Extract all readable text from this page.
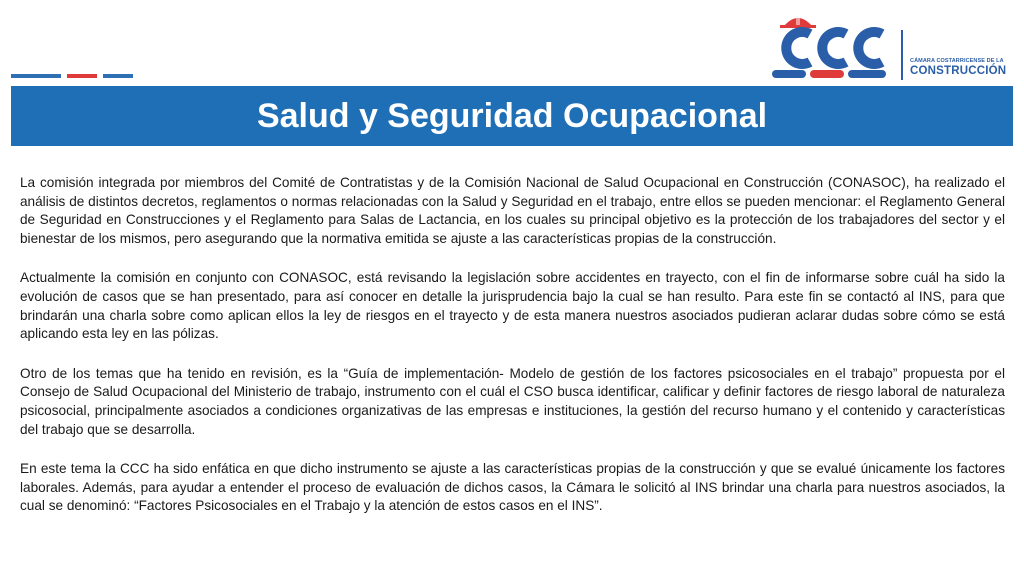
CÁMARA COSTARRICENSE DE LA
CONSTRUCCIÓN
Salud y Seguridad Ocupacional

La comisión integrada por miembros del Comité de Contratistas y de la Comisión Nacional de Salud Ocupacional en Construcción (CONASOC), ha realizado el análisis de distintos decretos, reglamentos o normas relacionadas con la Salud y Seguridad en el trabajo, entre ellos se pueden mencionar: el Reglamento General de Seguridad en Construcciones y el Reglamento para Salas de Lactancia, en los cuales su principal objetivo es la protección de los trabajadores del sector y el bienestar de los mismos, pero asegurando que la normativa emitida se ajuste a las características propias de la construcción.

Actualmente la comisión en conjunto con CONASOC, está revisando la legislación sobre accidentes en trayecto, con el fin de informarse sobre cuál ha sido la evolución de casos que se han presentado, para así conocer en detalle la jurisprudencia bajo la cual se han resulto. Para este fin se contactó al INS, para que brindarán una charla sobre como aplican ellos la ley de riesgos en el trayecto y de esta manera nuestros asociados pudieran aclarar dudas sobre cómo se está aplicando esta ley en las pólizas.

Otro de los temas que ha tenido en revisión, es la “Guía de implementación- Modelo de gestión de los factores psicosociales en el trabajo” propuesta por el Consejo de Salud Ocupacional del Ministerio de trabajo, instrumento con el cuál el CSO busca identificar, calificar y definir factores de riesgo laboral de naturaleza psicosocial, principalmente asociados a condiciones organizativas de las empresas e instituciones, la gestión del recurso humano y el contenido y características del trabajo que se desarrolla.

En este tema la CCC ha sido enfática en que dicho instrumento se ajuste a las características propias de la construcción y que se evalué únicamente los factores laborales. Además, para ayudar a entender el proceso de evaluación de dichos casos, la Cámara le solicitó al INS brindar una charla para nuestros asociados, la cual se denominó: “Factores Psicosociales en el Trabajo y la atención de estos casos en el INS”.
